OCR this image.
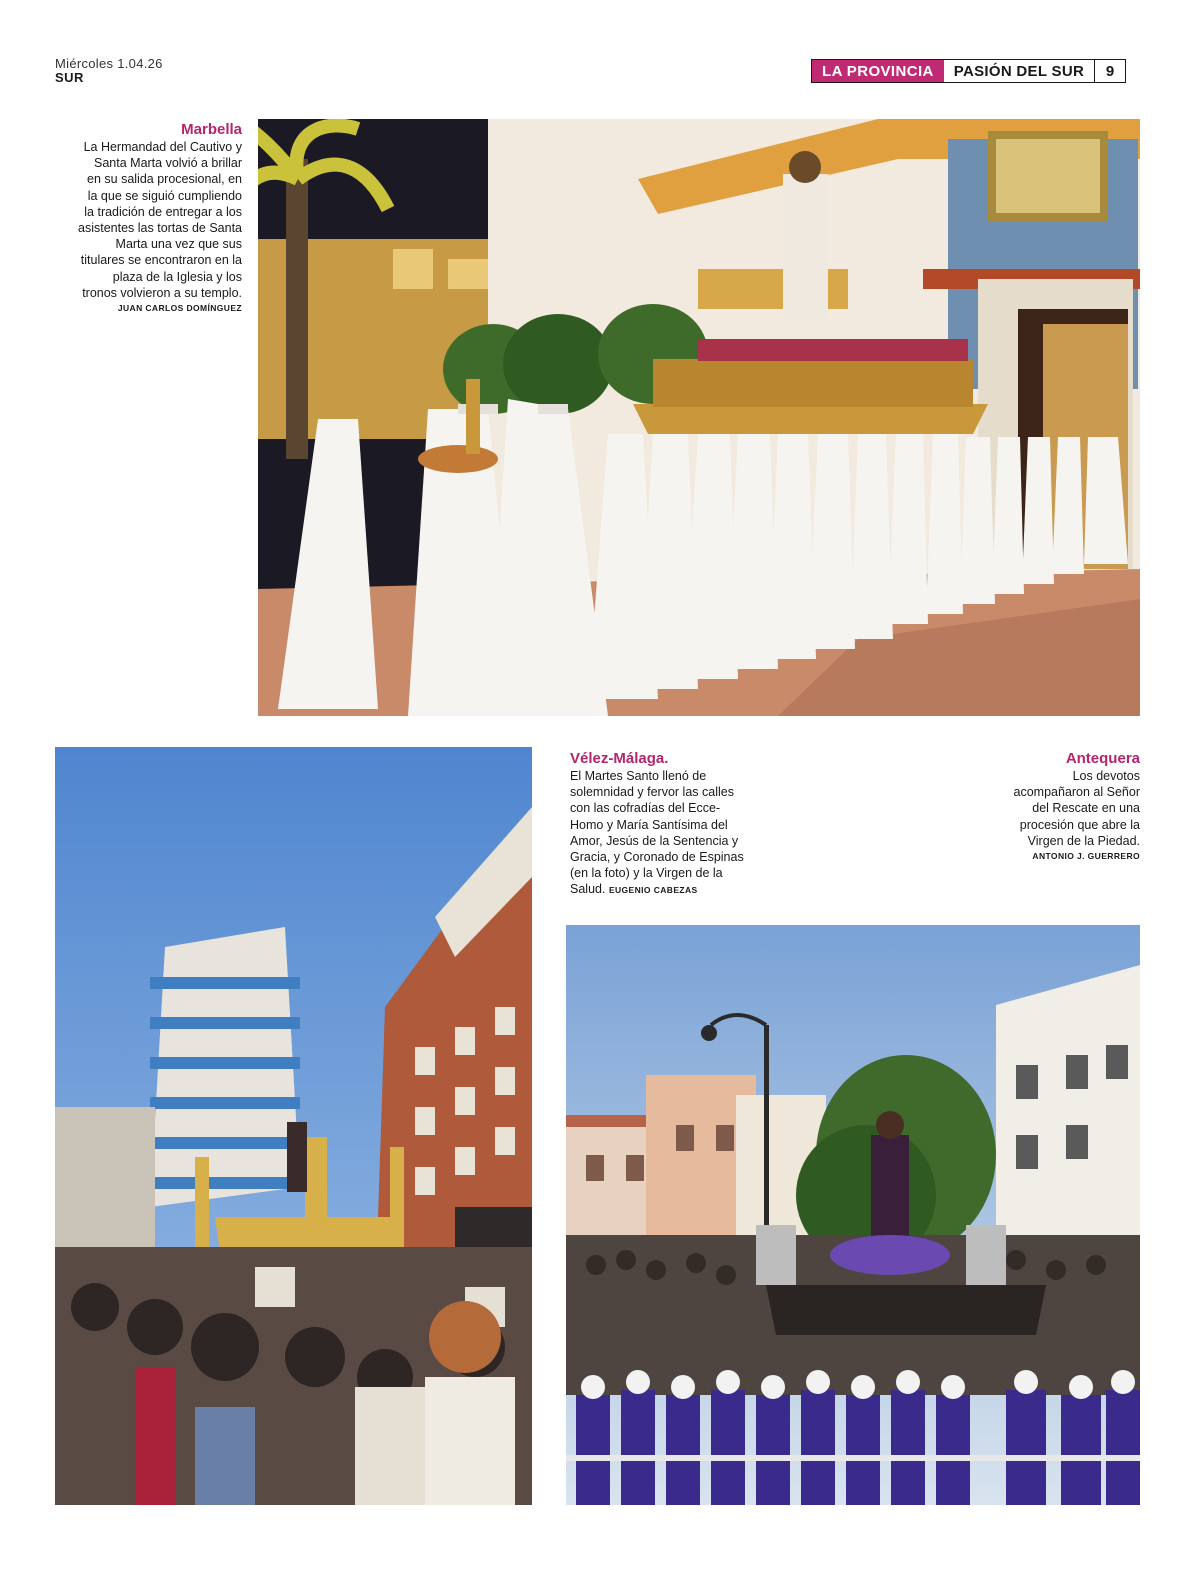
Miércoles 1.04.26
SUR	LA PROVINCIA	PASIÓN DEL SUR	9
Marbella
La Hermandad del Cautivo y
Santa Marta volvió a brillar
en su salida procesional, en
la que se siguió cumpliendo
la tradición de entregar a los
asistentes las tortas de Santa
Marta una vez que sus
titulares se encontraron en la
plaza de la Iglesia y los
tronos volvieron a su templo.
JUAN CARLOS DOMÍNGUEZ
Vélez-Málaga.
El Martes Santo llenó de
solemnidad y fervor las calles
con las cofradías del Ecce-
Homo y María Santísima del
Amor, Jesús de la Sentencia y
Gracia, y Coronado de Espinas
(en la foto) y la Virgen de la
Salud. EUGENIO CABEZAS
Antequera
Los devotos
acompañaron al Señor
del Rescate en una
procesión que abre la
Virgen de la Piedad.
ANTONIO J. GUERRERO
